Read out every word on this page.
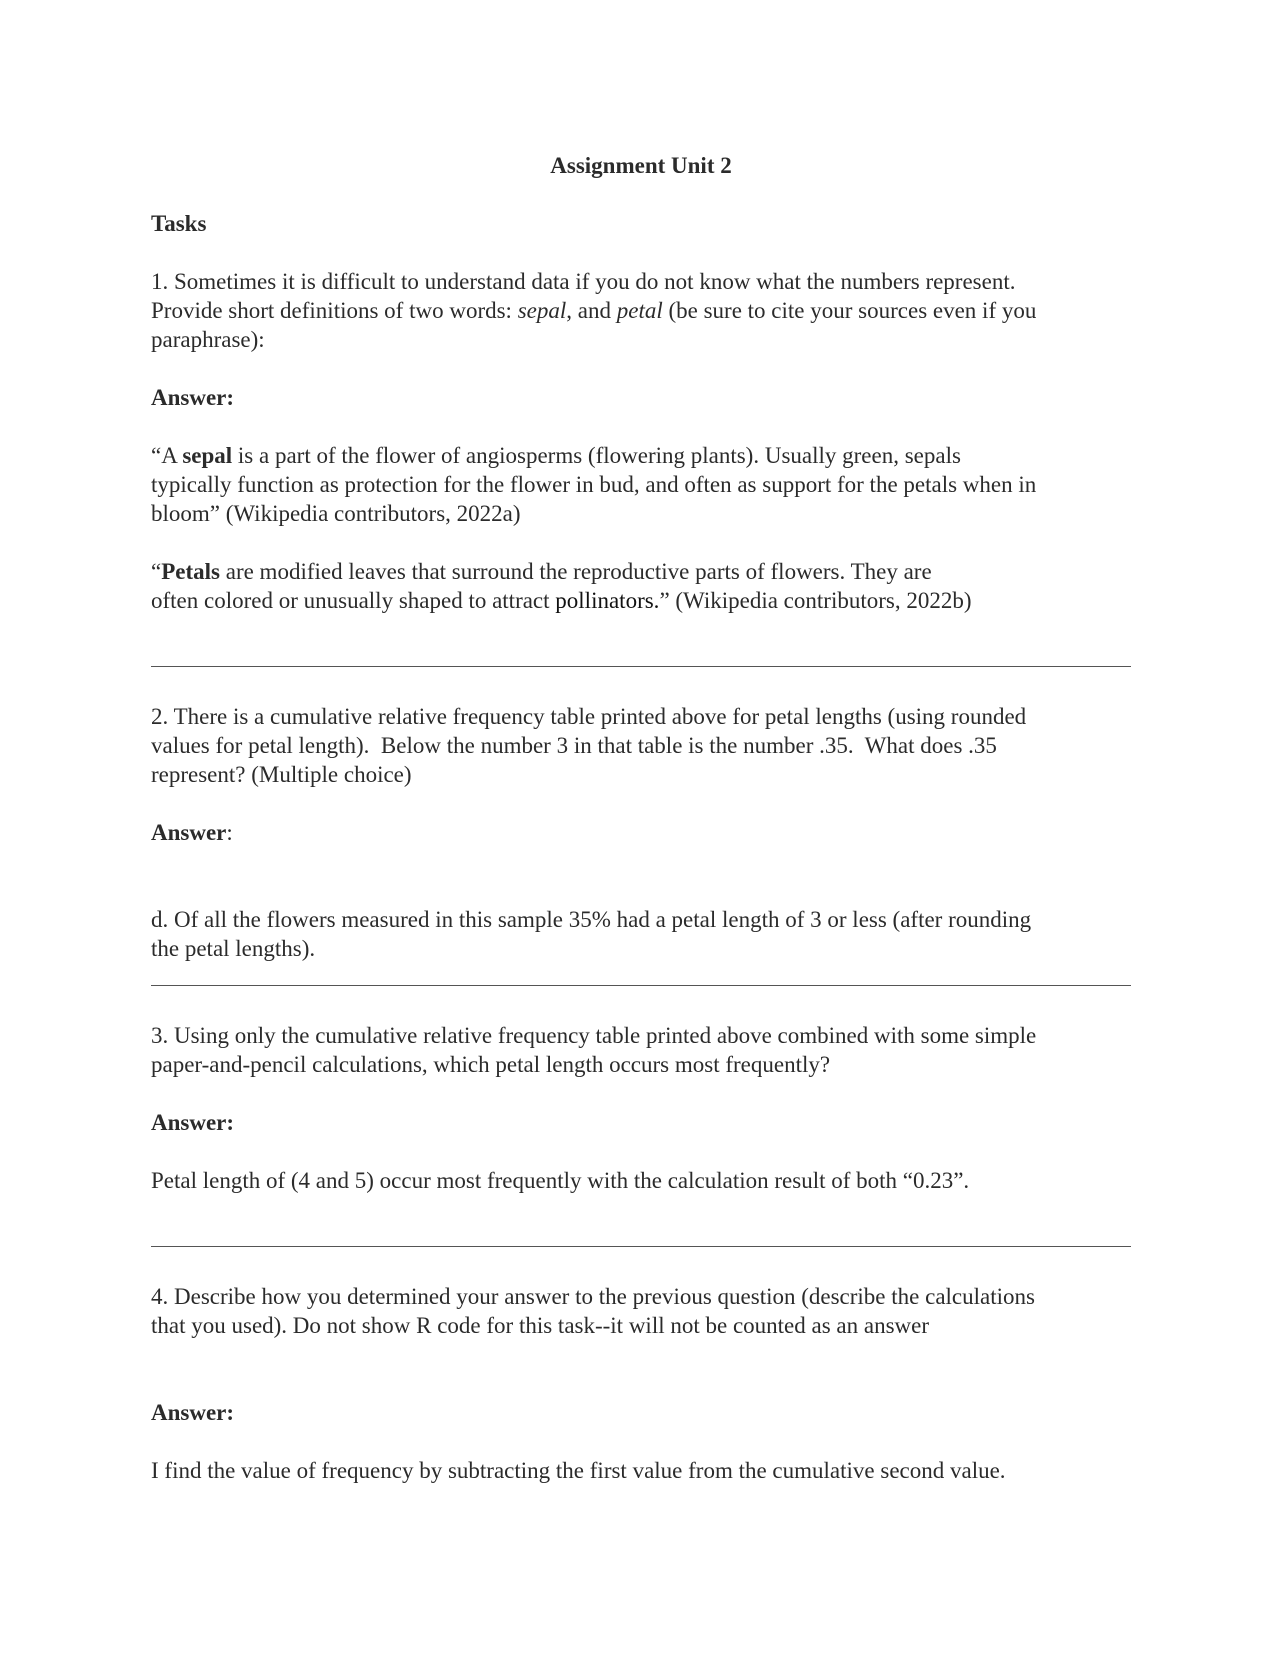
Assignment Unit 2
Tasks
1. Sometimes it is difficult to understand data if you do not know what the numbers represent.
Provide short definitions of two words: sepal, and petal (be sure to cite your sources even if you
paraphrase):
Answer:
“A sepal is a part of the flower of angiosperms (flowering plants). Usually green, sepals
typically function as protection for the flower in bud, and often as support for the petals when in
bloom” (Wikipedia contributors, 2022a)
“Petals are modified leaves that surround the reproductive parts of flowers. They are
often colored or unusually shaped to attract pollinators.” (Wikipedia contributors, 2022b)
2. There is a cumulative relative frequency table printed above for petal lengths (using rounded
values for petal length).  Below the number 3 in that table is the number .35.  What does .35
represent? (Multiple choice)
Answer:
d. Of all the flowers measured in this sample 35% had a petal length of 3 or less (after rounding
the petal lengths).
3. Using only the cumulative relative frequency table printed above combined with some simple
paper-and-pencil calculations, which petal length occurs most frequently?
Answer:
Petal length of (4 and 5) occur most frequently with the calculation result of both “0.23”.
4. Describe how you determined your answer to the previous question (describe the calculations
that you used). Do not show R code for this task--it will not be counted as an answer
Answer:
I find the value of frequency by subtracting the first value from the cumulative second value.
